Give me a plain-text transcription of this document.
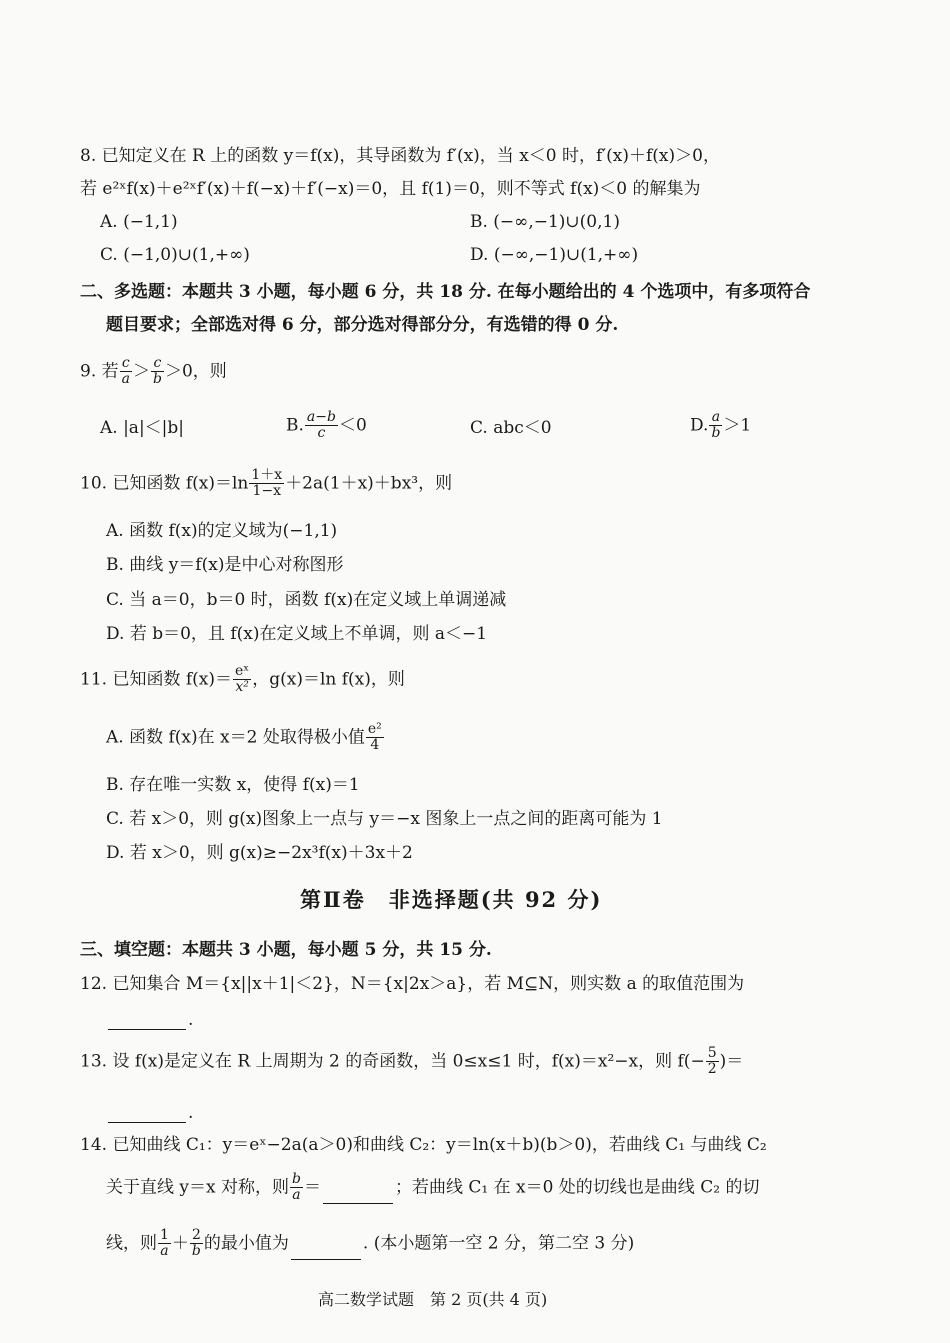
8. 已知定义在 R 上的函数 y＝f(x)，其导函数为 f′(x)，当 x＜0 时，f′(x)＋f(x)＞0，
若 e²ˣf(x)＋e²ˣf′(x)＋f(−x)＋f′(−x)＝0，且 f(1)＝0，则不等式 f(x)＜0 的解集为
A. (−1,1)	B. (−∞,−1)∪(0,1)
C. (−1,0)∪(1,+∞)	D. (−∞,−1)∪(1,+∞)
二、多选题：本题共 3 小题，每小题 6 分，共 18 分. 在每小题给出的 4 个选项中，有多项符合
题目要求；全部选对得 6 分，部分选对得部分分，有选错的得 0 分.
9. 若 $\frac{c}{a} > \frac{c}{b} >0$，则
A. |a|＜|b|	B. $\frac{a-b}{c} <0$	C. abc＜0	D. $\frac{a}{b} >1$
10. 已知函数 $f(x)=\ln \frac{1+x}{1-x} +2a(1+x)+bx^3$，则
A. 函数 f(x)的定义域为(−1,1)
B. 曲线 y＝f(x)是中心对称图形
C. 当 a＝0，b＝0 时，函数 f(x)在定义域上单调递减
D. 若 b＝0，且 f(x)在定义域上不单调，则 a＜−1
11. 已知函数 $f(x)= \frac{\text{eˣ}}{\text{x²}}$ ，g(x)＝ln f(x)，则
A. 函数 f(x)在 x＝2 处取得极小值 $\frac{\text{e²}}{4}$
B. 存在唯一实数 x，使得 f(x)＝1
C. 若 x＞0，则 g(x)图象上一点与 y＝−x 图象上一点之间的距离可能为 1
D. 若 x＞0，则 g(x)≥−2x³f(x)＋3x＋2
第Ⅱ卷　非选择题(共 92 分)
三、填空题：本题共 3 小题，每小题 5 分，共 15 分.
12. 已知集合 M＝{x||x＋1|＜2}，N＝{x|2x＞a}，若 M⊆N，则实数 a 的取值范围为
.
13. 设 f(x)是定义在 R 上周期为 2 的奇函数，当 0≤x≤1 时，f(x)＝x²−x，则 $f(- \frac{5}{2}$ )＝
.
14. 已知曲线 C₁：y＝eˣ−2a(a＞0)和曲线 C₂：y＝ln(x＋b)(b＞0)，若曲线 C₁ 与曲线 C₂
关于直线 y＝x 对称，则 $\frac{b}{a}$ ＝	；若曲线 C₁ 在 x＝0 处的切线也是曲线 C₂ 的切
线，则 $\frac{1}{a} + \frac{2}{b}$ 的最小值为	. (本小题第一空 2 分，第二空 3 分)
高二数学试题　第 2 页(共 4 页)
